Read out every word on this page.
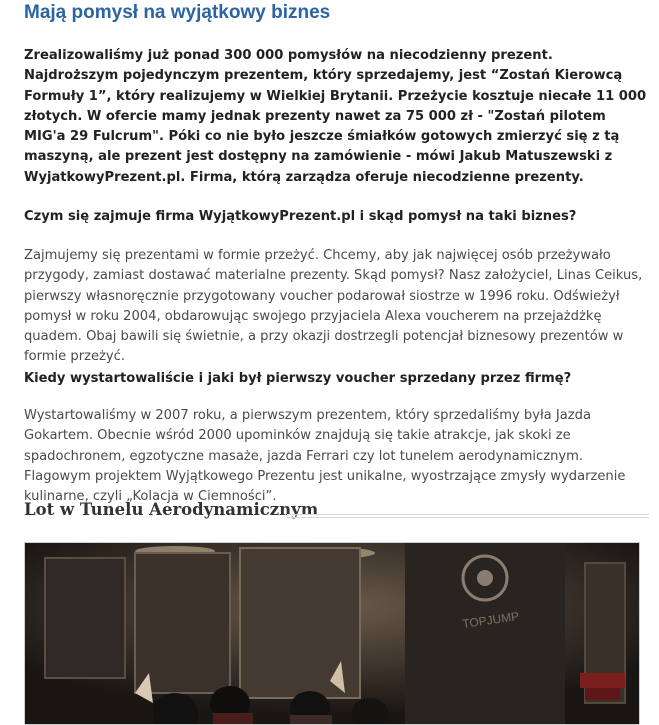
Mają pomysł na wyjątkowy biznes

Zrealizowaliśmy już ponad 300 000 pomysłów na niecodzienny prezent. Najdroższym pojedynczym prezentem, który sprzedajemy, jest “Zostań Kierowcą Formuły 1”, który realizujemy w Wielkiej Brytanii. Przeżycie kosztuje niecałe 11 000 złotych. W ofercie mamy jednak prezenty nawet za 75 000 zł - "Zostań pilotem MIG'a 29 Fulcrum". Póki co nie było jeszcze śmiałków gotowych zmierzyć się z tą maszyną, ale prezent jest dostępny na zamówienie - mówi Jakub Matuszewski z WyjatkowyPrezent.pl. Firma, którą zarządza oferuje niecodzienne prezenty.

Czym się zajmuje firma WyjątkowyPrezent.pl i skąd pomysł na taki biznes?

Zajmujemy się prezentami w formie przeżyć. Chcemy, aby jak najwięcej osób przeżywało przygody, zamiast dostawać materialne prezenty. Skąd pomysł? Nasz założyciel, Linas Ceikus, pierwszy własnoręcznie przygotowany voucher podarował siostrze w 1996 roku. Odświeżył pomysł w roku 2004, obdarowując swojego przyjaciela Alexa voucherem na przejażdżkę quadem. Obaj bawili się świetnie, a przy okazji dostrzegli potencjał biznesowy prezentów w formie przeżyć.

Kiedy wystartowaliście i jaki był pierwszy voucher sprzedany przez firmę?

Wystartowaliśmy w 2007 roku, a pierwszym prezentem, który sprzedaliśmy była Jazda Gokartem. Obecnie wśród 2000 upominków znajdują się takie atrakcje, jak skoki ze spadochronem, egzotyczne masaże, jazda Ferrari czy lot tunelem aerodynamicznym. Flagowym projektem Wyjątkowego Prezentu jest unikalne, wyostrzające zmysły wydarzenie kulinarne, czyli „Kolacja w Ciemności”.

Lot w Tunelu Aerodynamicznym
TOPJUMP
